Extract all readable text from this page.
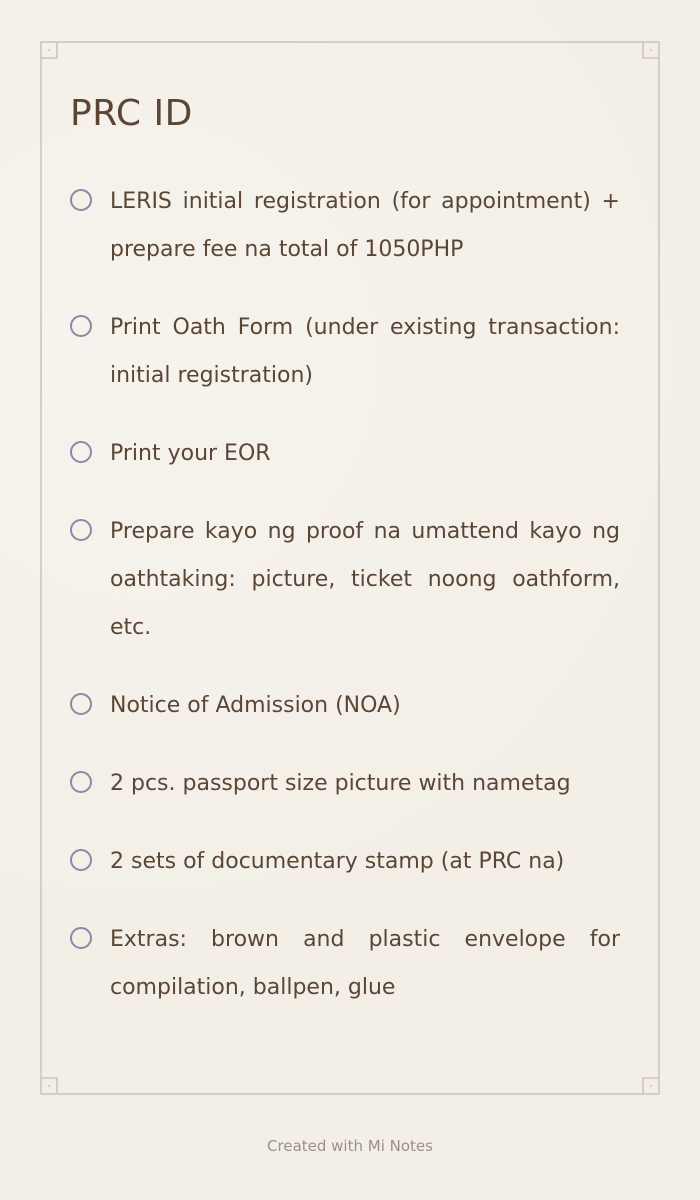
PRC ID
LERIS initial registration (for appointment) + prepare fee na total of 1050PHP
Print Oath Form (under existing transaction: initial registration)
Print your EOR
Prepare kayo ng proof na umattend kayo ng oathtaking: picture, ticket noong oathform, etc.
Notice of Admission (NOA)
2 pcs. passport size picture with nametag
2 sets of documentary stamp (at PRC na)
Extras: brown and plastic envelope for compilation, ballpen, glue
Created with Mi Notes
